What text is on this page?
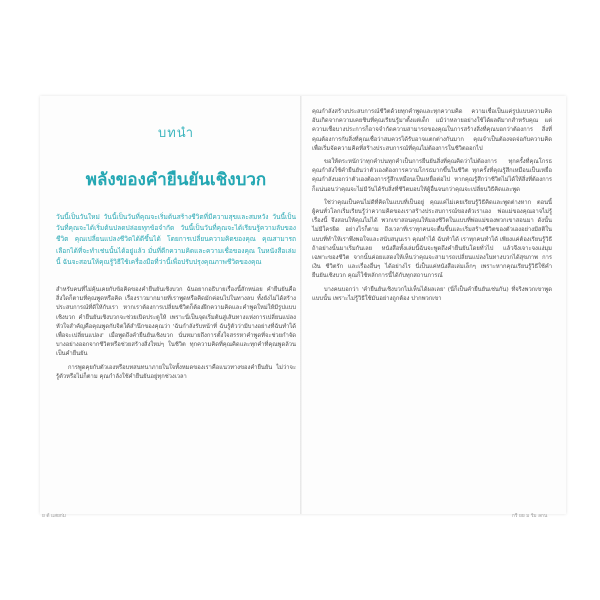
บทนำ
พลังของคำยืนยันเชิงบวก

วันนี้เป็นวันใหม่ วันนี้เป็นวันที่คุณจะเริ่มต้นสร้างชีวิตที่มีความสุขและสมหวัง วันนี้เป็นวันที่คุณจะได้เริ่มต้นปลดปล่อยทุกข้อจำกัด วันนี้เป็นวันที่คุณจะได้เรียนรู้ความลับของชีวิต คุณเปลี่ยนแปลงชีวิตได้ดีขึ้นได้ โดยการเปลี่ยนความคิดของคุณ คุณสามารถเลือกได้ที่จะทำเช่นนั้นได้อยู่แล้ว มั่นที่ดีกความคิดและความเชื่อของคุณ ในหนังสือเล่มนี้ ฉันจะสอนให้คุณรู้วิธีใช้เครื่องมือที่ว่านี้เพื่อปรับปรุงคุณภาพชีวิตของคุณ

สำหรับคนที่ไม่คุ้นเคยกับข้อคิดของคำยืนยันเชิงบวก ฉันอยากอธิบายเรื่องนี้สักหน่อย คำยืนยันคือสิ่งใดก็ตามที่คุณพูดหรือคิด เรื่องราวมากมายที่เราพูดหรือคิดมักค่อนไปในทางลบ ทั้งยังไม่ได้สร้างประสบการณ์ที่ดีให้กับเรา หากเราต้องการเปลี่ยนชีวิตก็ต้องฝึกความคิดและคำพูดใหม่ให้มีรูปแบบเชิงบวก คำยืนยันเชิงบวกจะช่วยเปิดประตูให้ เพราะนี่เป็นจุดเริ่มต้นสู่เส้นทางแห่งการเปลี่ยนแปลง หัวใจสำคัญคือคุณพูดกับจิตใต้สำนึกของคุณว่า 'ฉันกำลังรับหน้าที่ ฉันรู้ตัวว่ามีบางอย่างที่ฉันทำได้เพื่อจะเปลี่ยนแปลง' เมื่อพูดถึงคำยืนยันเชิงบวก นั่นหมายถึงการตั้งใจสรรหาคำพูดที่จะช่วยกำจัดบางอย่างออกจากชีวิตหรือช่วยสร้างสิ่งใหม่ๆ ในชีวิต ทุกความคิดที่คุณคิดและทุกคำที่คุณพูดล้วนเป็นคำยืนยัน

การพูดคุยกับตัวเองหรือบทสนทนาภายในใจทั้งหมดของเราคือแนวทางของคำยืนยัน ไม่ว่าจะรู้ตัวหรือไม่ก็ตาม คุณกำลังใช้คำยืนยันอยู่ทุกช่วงเวลา

คุณกำลังสร้างประสบการณ์ชีวิตด้วยทุกคำพูดและทุกความคิด ความเชื่อเป็นแค่รูปแบบความคิดอันเกิดจากความเคยชินที่คุณเรียนรู้มาตั้งแต่เด็ก แม้ว่าหลายอย่างใช้ได้ผลดีมากสำหรับคุณ แต่ความเชื่อบางประการก็อาจจำกัดความสามารถของคุณในการสร้างสิ่งที่คุณบอกว่าต้องการ สิ่งที่คุณต้องการกับสิ่งที่คุณเชื่อว่าสมควรได้รับอาจแตกต่างกันมาก คุณจำเป็นต้องจดจ่อกับความคิดเพื่อเริ่มจัดความคิดที่สร้างประสบการณ์ที่คุณไม่ต้องการในชีวิตออกไป

ขอให้ตระหนักว่าทุกคำบ่นทุกคำเป็นการยืนยันสิ่งที่คุณคิดว่าไม่ต้องการ ทุกครั้งที่คุณโกรธ คุณกำลังใช้คำยืนยันว่าตัวเองต้องการความโกรธมากขึ้นในชีวิต ทุกครั้งที่คุณรู้สึกเหมือนเป็นเหยื่อ คุณกำลังบอกว่าตัวเองต้องการรู้สึกเหมือนเป็นเหยื่อต่อไป หากคุณรู้สึกว่าชีวิตไม่ได้ให้สิ่งที่ต้องการ ก็แน่นอนว่าคุณจะไม่มีวันได้รับสิ่งที่ชีวิตมอบให้ผู้อื่นจนกว่าคุณจะเปลี่ยนวิธีคิดและพูด

ใช่ว่าคุณเป็นคนไม่ดีที่คิดในแบบที่เป็นอยู่ คุณแค่ไม่เคยเรียนรู้วิธีคิดและพูดต่างหาก ตอนนี้ผู้คนทั่วโลกเริ่มเรียนรู้ว่าความคิดของเราสร้างประสบการณ์ของตัวเราเอง พ่อแม่ของคุณอาจไม่รู้เรื่องนี้ จึงสอนให้คุณไม่ได้ พวกเขาสอนคุณให้มองชีวิตในแบบที่พ่อแม่ของพวกเขาสอนมา ดังนั้นไม่มีใครผิด อย่างไรก็ตาม ถึงเวลาที่เราทุกคนจะตื่นขึ้นและเริ่มสร้างชีวิตของตัวเองอย่างมีสติในแบบที่ทำให้เราพึงพอใจและสนับสนุนเรา คุณทำได้ ฉันทำได้ เราทุกคนทำได้ เพียงแค่ต้องเรียนรู้วิธี ถ้าอย่างนั้นมาเริ่มกันเลย หนังสือทั้งเล่มนี้ฉันจะพูดถึงคำยืนยันโดยทั่วไป แล้วจึงเจาะจงแง่มุมเฉพาะของชีวิต จากนั้นค่อยแสดงให้เห็นว่าคุณจะสามารถเปลี่ยนแปลงในทางบวกได้สุขภาพ การเงิน ชีวิตรัก และเรื่องอื่นๆ ได้อย่างไร นี่เป็นแค่หนังสือเล่มเล็กๆ เพราะหากคุณเรียนรู้วิธีใช้คำยืนยันเชิงบวก คุณก็ใช้หลักการนี้ได้กับทุกสถานการณ์

บางคนบอกว่า 'คำยืนยันเชิงบวกไม่เห็นได้ผลเลย' (นี่ก็เป็นคำยืนยันเช่นกัน) ที่จริงพวกเขาพูดแบบนั้น เพราะไม่รู้วิธีใช้มันอย่างถูกต้อง ปากพวกเขา

ย ด้ แสยก่ม	กรี ยย ม ร้ม ลกน
